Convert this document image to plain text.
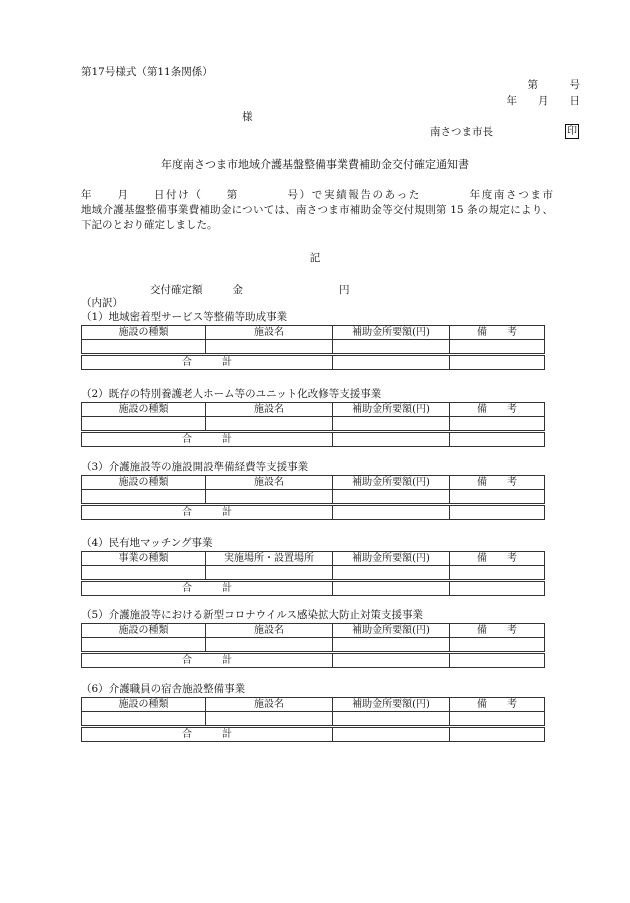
第17号様式（第11条関係）
第　　　号
年　　月　　日
様
南さつま市長	印
年度南さつま市地域介護基盤整備事業費補助金交付確定通知書
年　　月　　日付け（　　第　　　　号）で実績報告のあった　　　　年度南さつま市
地域介護基盤整備事業費補助金については、南さつま市補助金等交付規則第 15 条の規定により、
下記のとおり確定しました。
記
交付確定額	金	円
（内訳）
（1）地域密着型サービス等整備等助成事業
施設の種類	施設名	補助金所要額(円)	備　　考

合　　　計			
（2）既存の特別養護老人ホーム等のユニット化改修等支援事業
施設の種類	施設名	補助金所要額(円)	備　　考

合　　　計			
（3）介護施設等の施設開設準備経費等支援事業
施設の種類	施設名	補助金所要額(円)	備　　考

合　　　計			
（4）民有地マッチング事業
事業の種類	実施場所・設置場所	補助金所要額(円)	備　　考

合　　　計			
（5）介護施設等における新型コロナウイルス感染拡大防止対策支援事業
施設の種類	施設名	補助金所要額(円)	備　　考

合　　　計			
（6）介護職員の宿舎施設整備事業
施設の種類	施設名	補助金所要額(円)	備　　考

合　　　計			
